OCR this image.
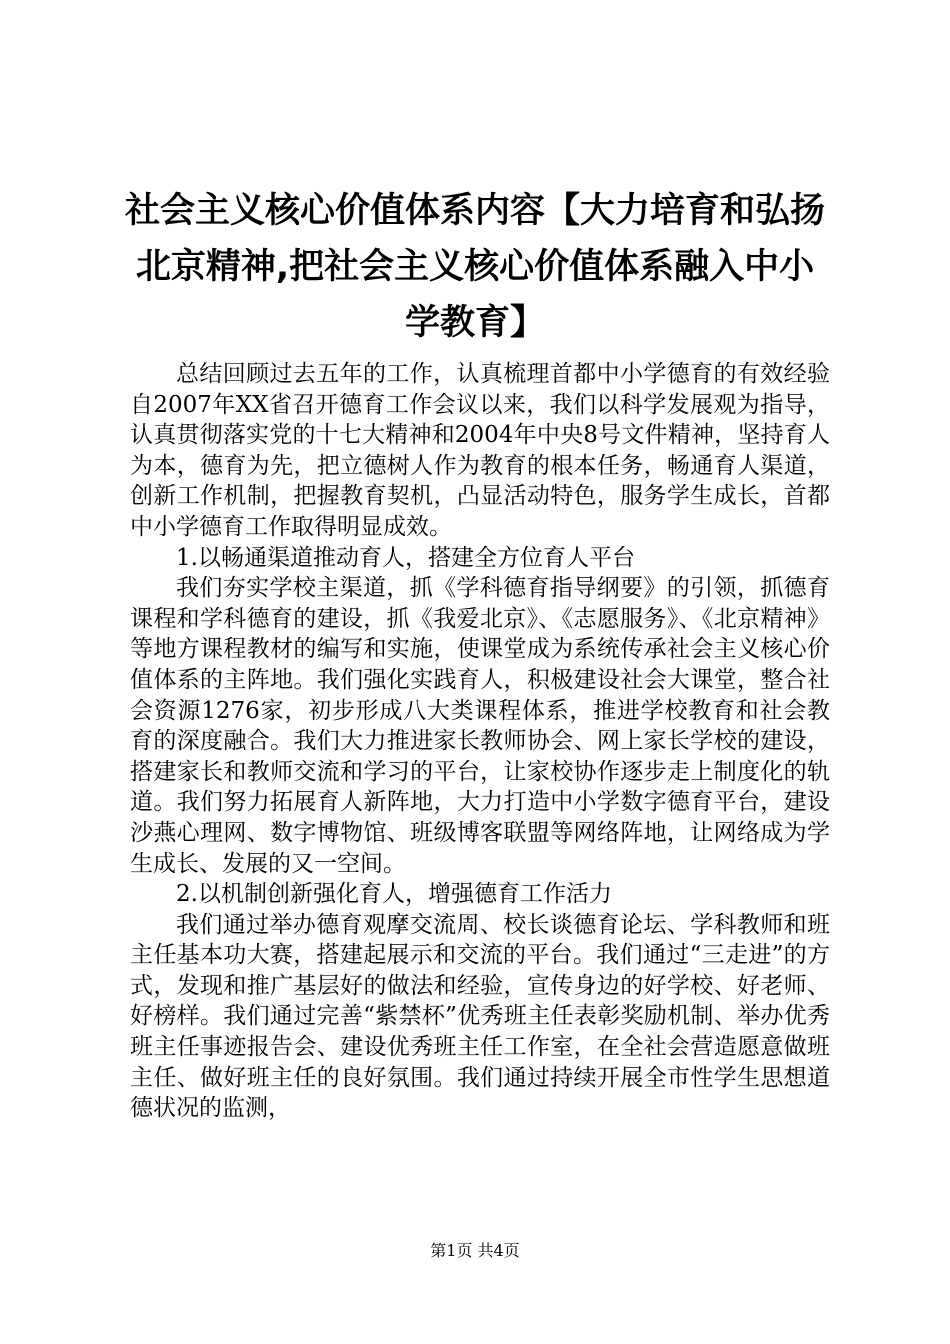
社会主义核心价值体系内容【大力培育和弘扬北京精神,把社会主义核心价值体系融入中小学教育】

总结回顾过去五年的工作，认真梳理首都中小学德育的有效经验自2007年XX省召开德育工作会议以来，我们以科学发展观为指导，认真贯彻落实党的十七大精神和2004年中央8号文件精神，坚持育人为本，德育为先，把立德树人作为教育的根本任务，畅通育人渠道，创新工作机制，把握教育契机，凸显活动特色，服务学生成长，首都中小学德育工作取得明显成效。

1.以畅通渠道推动育人，搭建全方位育人平台

我们夯实学校主渠道，抓《学科德育指导纲要》的引领，抓德育课程和学科德育的建设，抓《我爱北京》、《志愿服务》、《北京精神》等地方课程教材的编写和实施，使课堂成为系统传承社会主义核心价值体系的主阵地。我们强化实践育人，积极建设社会大课堂，整合社会资源1276家，初步形成八大类课程体系，推进学校教育和社会教育的深度融合。我们大力推进家长教师协会、网上家长学校的建设，搭建家长和教师交流和学习的平台，让家校协作逐步走上制度化的轨道。我们努力拓展育人新阵地，大力打造中小学数字德育平台，建设沙燕心理网、数字博物馆、班级博客联盟等网络阵地，让网络成为学生成长、发展的又一空间。

2.以机制创新强化育人，增强德育工作活力

我们通过举办德育观摩交流周、校长谈德育论坛、学科教师和班主任基本功大赛，搭建起展示和交流的平台。我们通过“三走进”的方式，发现和推广基层好的做法和经验，宣传身边的好学校、好老师、好榜样。我们通过完善“紫禁杯”优秀班主任表彰奖励机制、举办优秀班主任事迹报告会、建设优秀班主任工作室，在全社会营造愿意做班主任、做好班主任的良好氛围。我们通过持续开展全市性学生思想道德状况的监测，

第1页 共4页
